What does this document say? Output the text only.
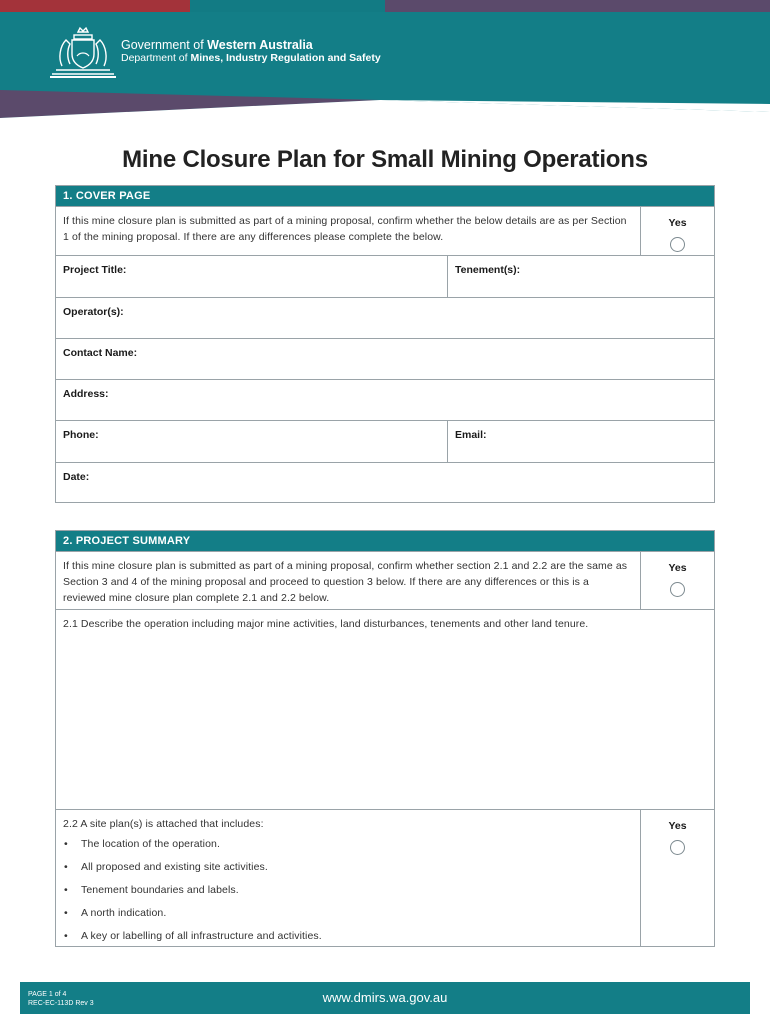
Government of Western Australia
Department of Mines, Industry Regulation and Safety
Mine Closure Plan for Small Mining Operations
1. COVER PAGE
If this mine closure plan is submitted as part of a mining proposal, confirm whether the below details are as per Section 1 of the mining proposal. If there are any differences please complete the below.
Yes
Project Title:	Tenement(s):
Operator(s):
Contact Name:
Address:
Phone:	Email:
Date:
2. PROJECT SUMMARY
If this mine closure plan is submitted as part of a mining proposal, confirm whether section 2.1 and 2.2 are the same as Section 3 and 4 of the mining proposal and proceed to question 3 below. If there are any differences or this is a reviewed mine closure plan complete 2.1 and 2.2 below.
Yes
2.1 Describe the operation including major mine activities, land disturbances, tenements and other land tenure.
2.2 A site plan(s) is attached that includes:
• The location of the operation.
• All proposed and existing site activities.
• Tenement boundaries and labels.
• A north indication.
• A key or labelling of all infrastructure and activities.
Yes
PAGE 1 of 4
REC-EC-113D Rev 3	www.dmirs.wa.gov.au
